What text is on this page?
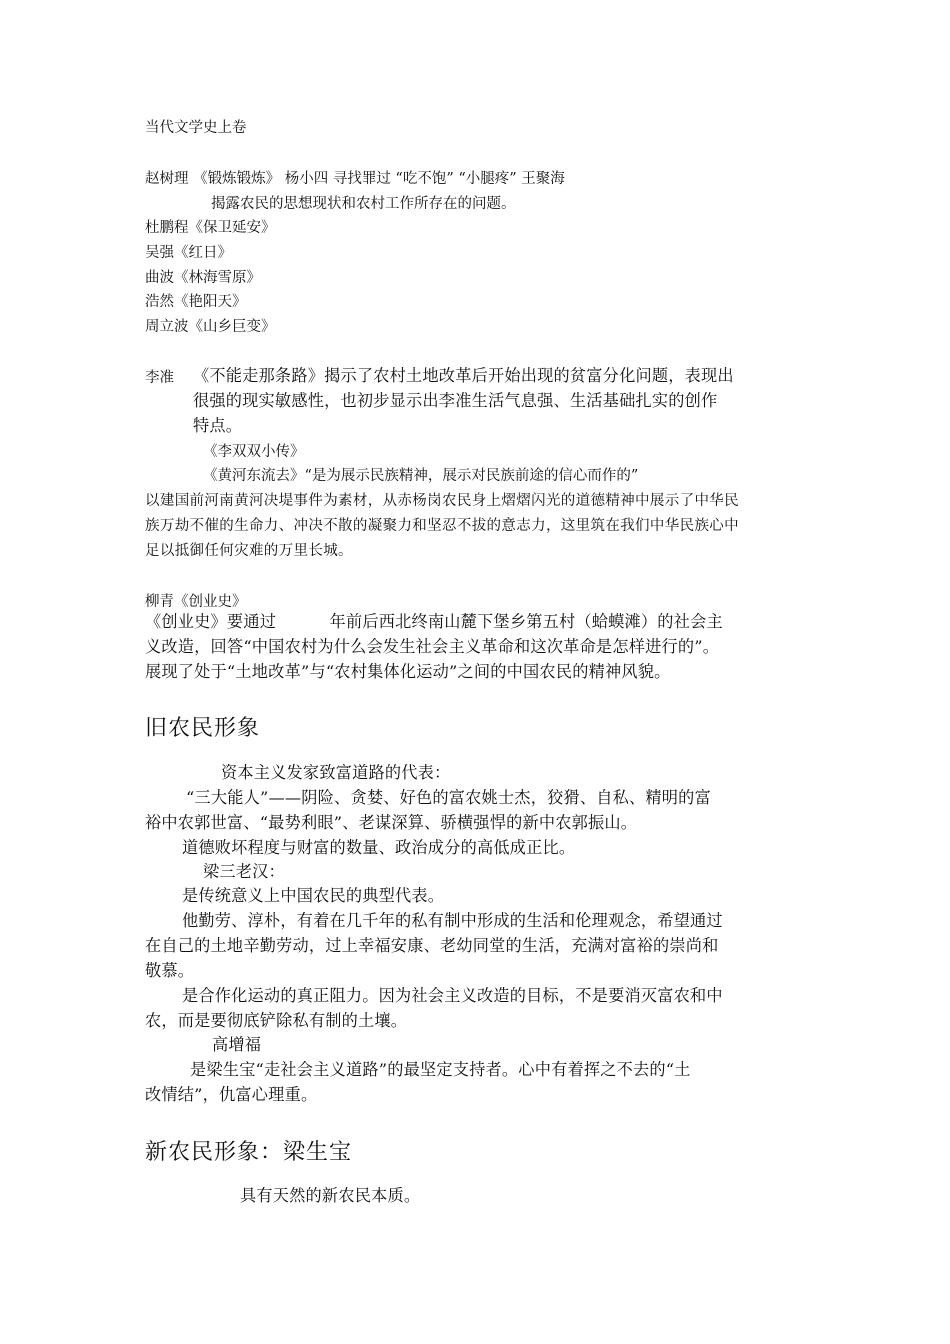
当代文学史上卷
赵树理 《锻炼锻炼》 杨小四 寻找罪过 “吃不饱” “小腿疼” 王聚海
揭露农民的思想现状和农村工作所存在的问题。
杜鹏程《保卫延安》
吴强《红日》
曲波《林海雪原》
浩然《艳阳天》
周立波《山乡巨变》
李准 《不能走那条路》揭示了农村土地改革后开始出现的贫富分化问题，表现出
很强的现实敏感性，也初步显示出李准生活气息强、生活基础扎实的创作
特点。
《李双双小传》
《黄河东流去》“是为展示民族精神，展示对民族前途的信心而作的”
以建国前河南黄河决堤事件为素材，从赤杨岗农民身上熠熠闪光的道德精神中展示了中华民
族万劫不催的生命力、冲决不散的凝聚力和坚忍不拔的意志力，这里筑在我们中华民族心中
足以抵御任何灾难的万里长城。
柳青《创业史》
《创业史》要通过          年前后西北终南山麓下堡乡第五村（蛤蟆滩）的社会主
义改造，回答“中国农村为什么会发生社会主义革命和这次革命是怎样进行的”。
展现了处于“土地改革”与“农村集体化运动”之间的中国农民的精神风貌。
旧农民形象
资本主义发家致富道路的代表：
“三大能人”——阴险、贪婪、好色的富农姚士杰，狡猾、自私、精明的富
裕中农郭世富、“最势利眼”、老谋深算、骄横强悍的新中农郭振山。
道德败坏程度与财富的数量、政治成分的高低成正比。
梁三老汉：
是传统意义上中国农民的典型代表。
他勤劳、淳朴，有着在几千年的私有制中形成的生活和伦理观念，希望通过
在自己的土地辛勤劳动，过上幸福安康、老幼同堂的生活，充满对富裕的崇尚和
敬慕。
是合作化运动的真正阻力。因为社会主义改造的目标，不是要消灭富农和中
农，而是要彻底铲除私有制的土壤。
高增福
是梁生宝“走社会主义道路”的最坚定支持者。心中有着挥之不去的“土
改情结”，仇富心理重。
新农民形象：梁生宝
具有天然的新农民本质。
